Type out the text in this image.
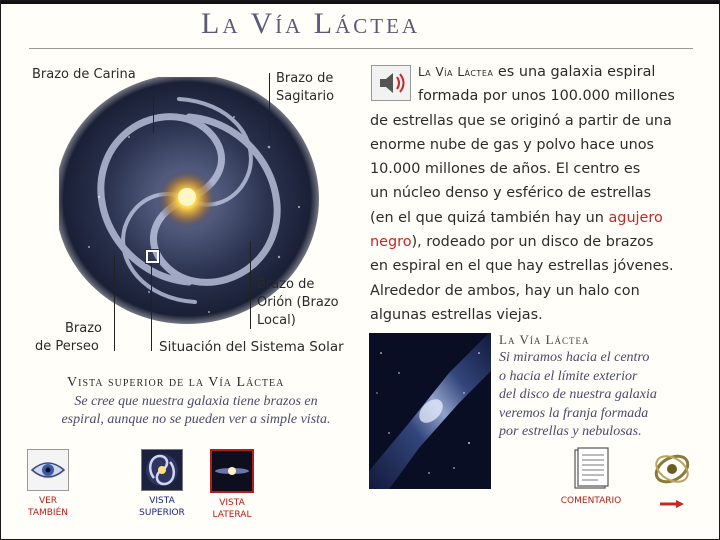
La Vía Láctea
Brazo de Carina	Brazo de
Sagitario
Brazo de
Orión (Brazo
Local)
Brazo
de Perseo	Situación del Sistema Solar
Vista superior de la Vía Láctea
Se cree que nuestra galaxia tiene brazos en
espiral, aunque no se pueden ver a simple vista.
La Vía Láctea es una galaxia espiral
formada por unos 100.000 millones
de estrellas que se originó a partir de una
enorme nube de gas y polvo hace unos
10.000 millones de años. El centro es
un núcleo denso y esférico de estrellas
(en el que quizá también hay un agujero
negro), rodeado por un disco de brazos
en espiral en el que hay estrellas jóvenes.
Alrededor de ambos, hay un halo con
algunas estrellas viejas.
La Vía Láctea
Si miramos hacia el centro
o hacia el límite exterior
del disco de nuestra galaxia
veremos la franja formada
por estrellas y nebulosas.
VER
TAMBIÉN
VISTA
SUPERIOR
VISTA
LATERAL
COMENTARIO
